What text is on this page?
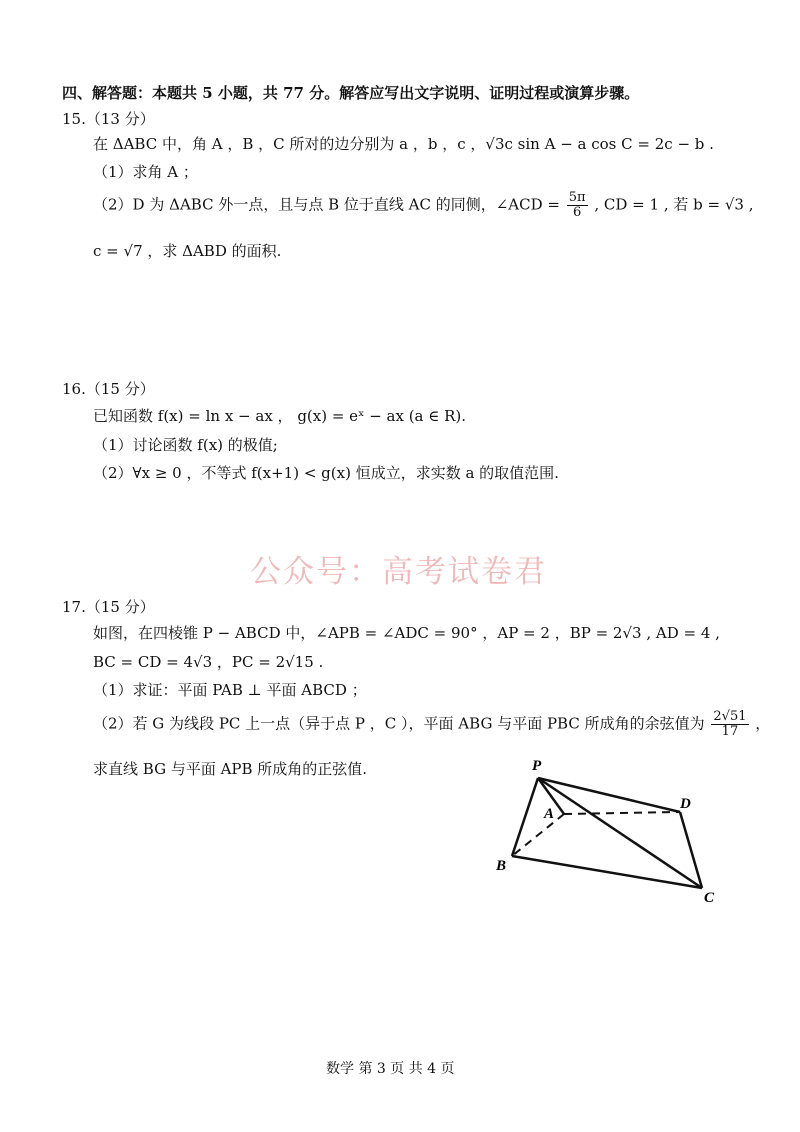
四、解答题：本题共 5 小题，共 77 分。解答应写出文字说明、证明过程或演算步骤。
15.（13 分）
在 ΔABC 中，角 A ，B ，C 所对的边分别为 a ，b ，c ，√3c sin A − a cos C = 2c − b .
（1）求角 A ；
（2）D 为 ΔABC 外一点，且与点 B 位于直线 AC 的同侧，∠ACD = $\frac{5\pi}{6}$ , CD = 1 , 若 b = √3 ,
c = √7 ，求 ΔABD 的面积.
16.（15 分）
已知函数 f(x) = ln x − ax ， g(x) = eˣ − ax (a ∈ R).
（1）讨论函数 f(x) 的极值;
（2）∀x ≥ 0 ，不等式 f(x+1) < g(x) 恒成立，求实数 a 的取值范围.
公众号：高考试卷君
17.（15 分）
如图，在四棱锥 P − ABCD 中，∠APB = ∠ADC = 90° ，AP = 2 ，BP = 2√3 , AD = 4 ,
BC = CD = 4√3 ，PC = 2√15 .
（1）求证：平面 PAB ⊥ 平面 ABCD ；
（2）若 G 为线段 PC 上一点（异于点 P ，C ），平面 ABG 与平面 PBC 所成角的余弦值为 $\frac{2√51}{17}$ ，
求直线 BG 与平面 APB 所成角的正弦值.	P
A
B
C
D
数学 第 3 页 共 4 页
